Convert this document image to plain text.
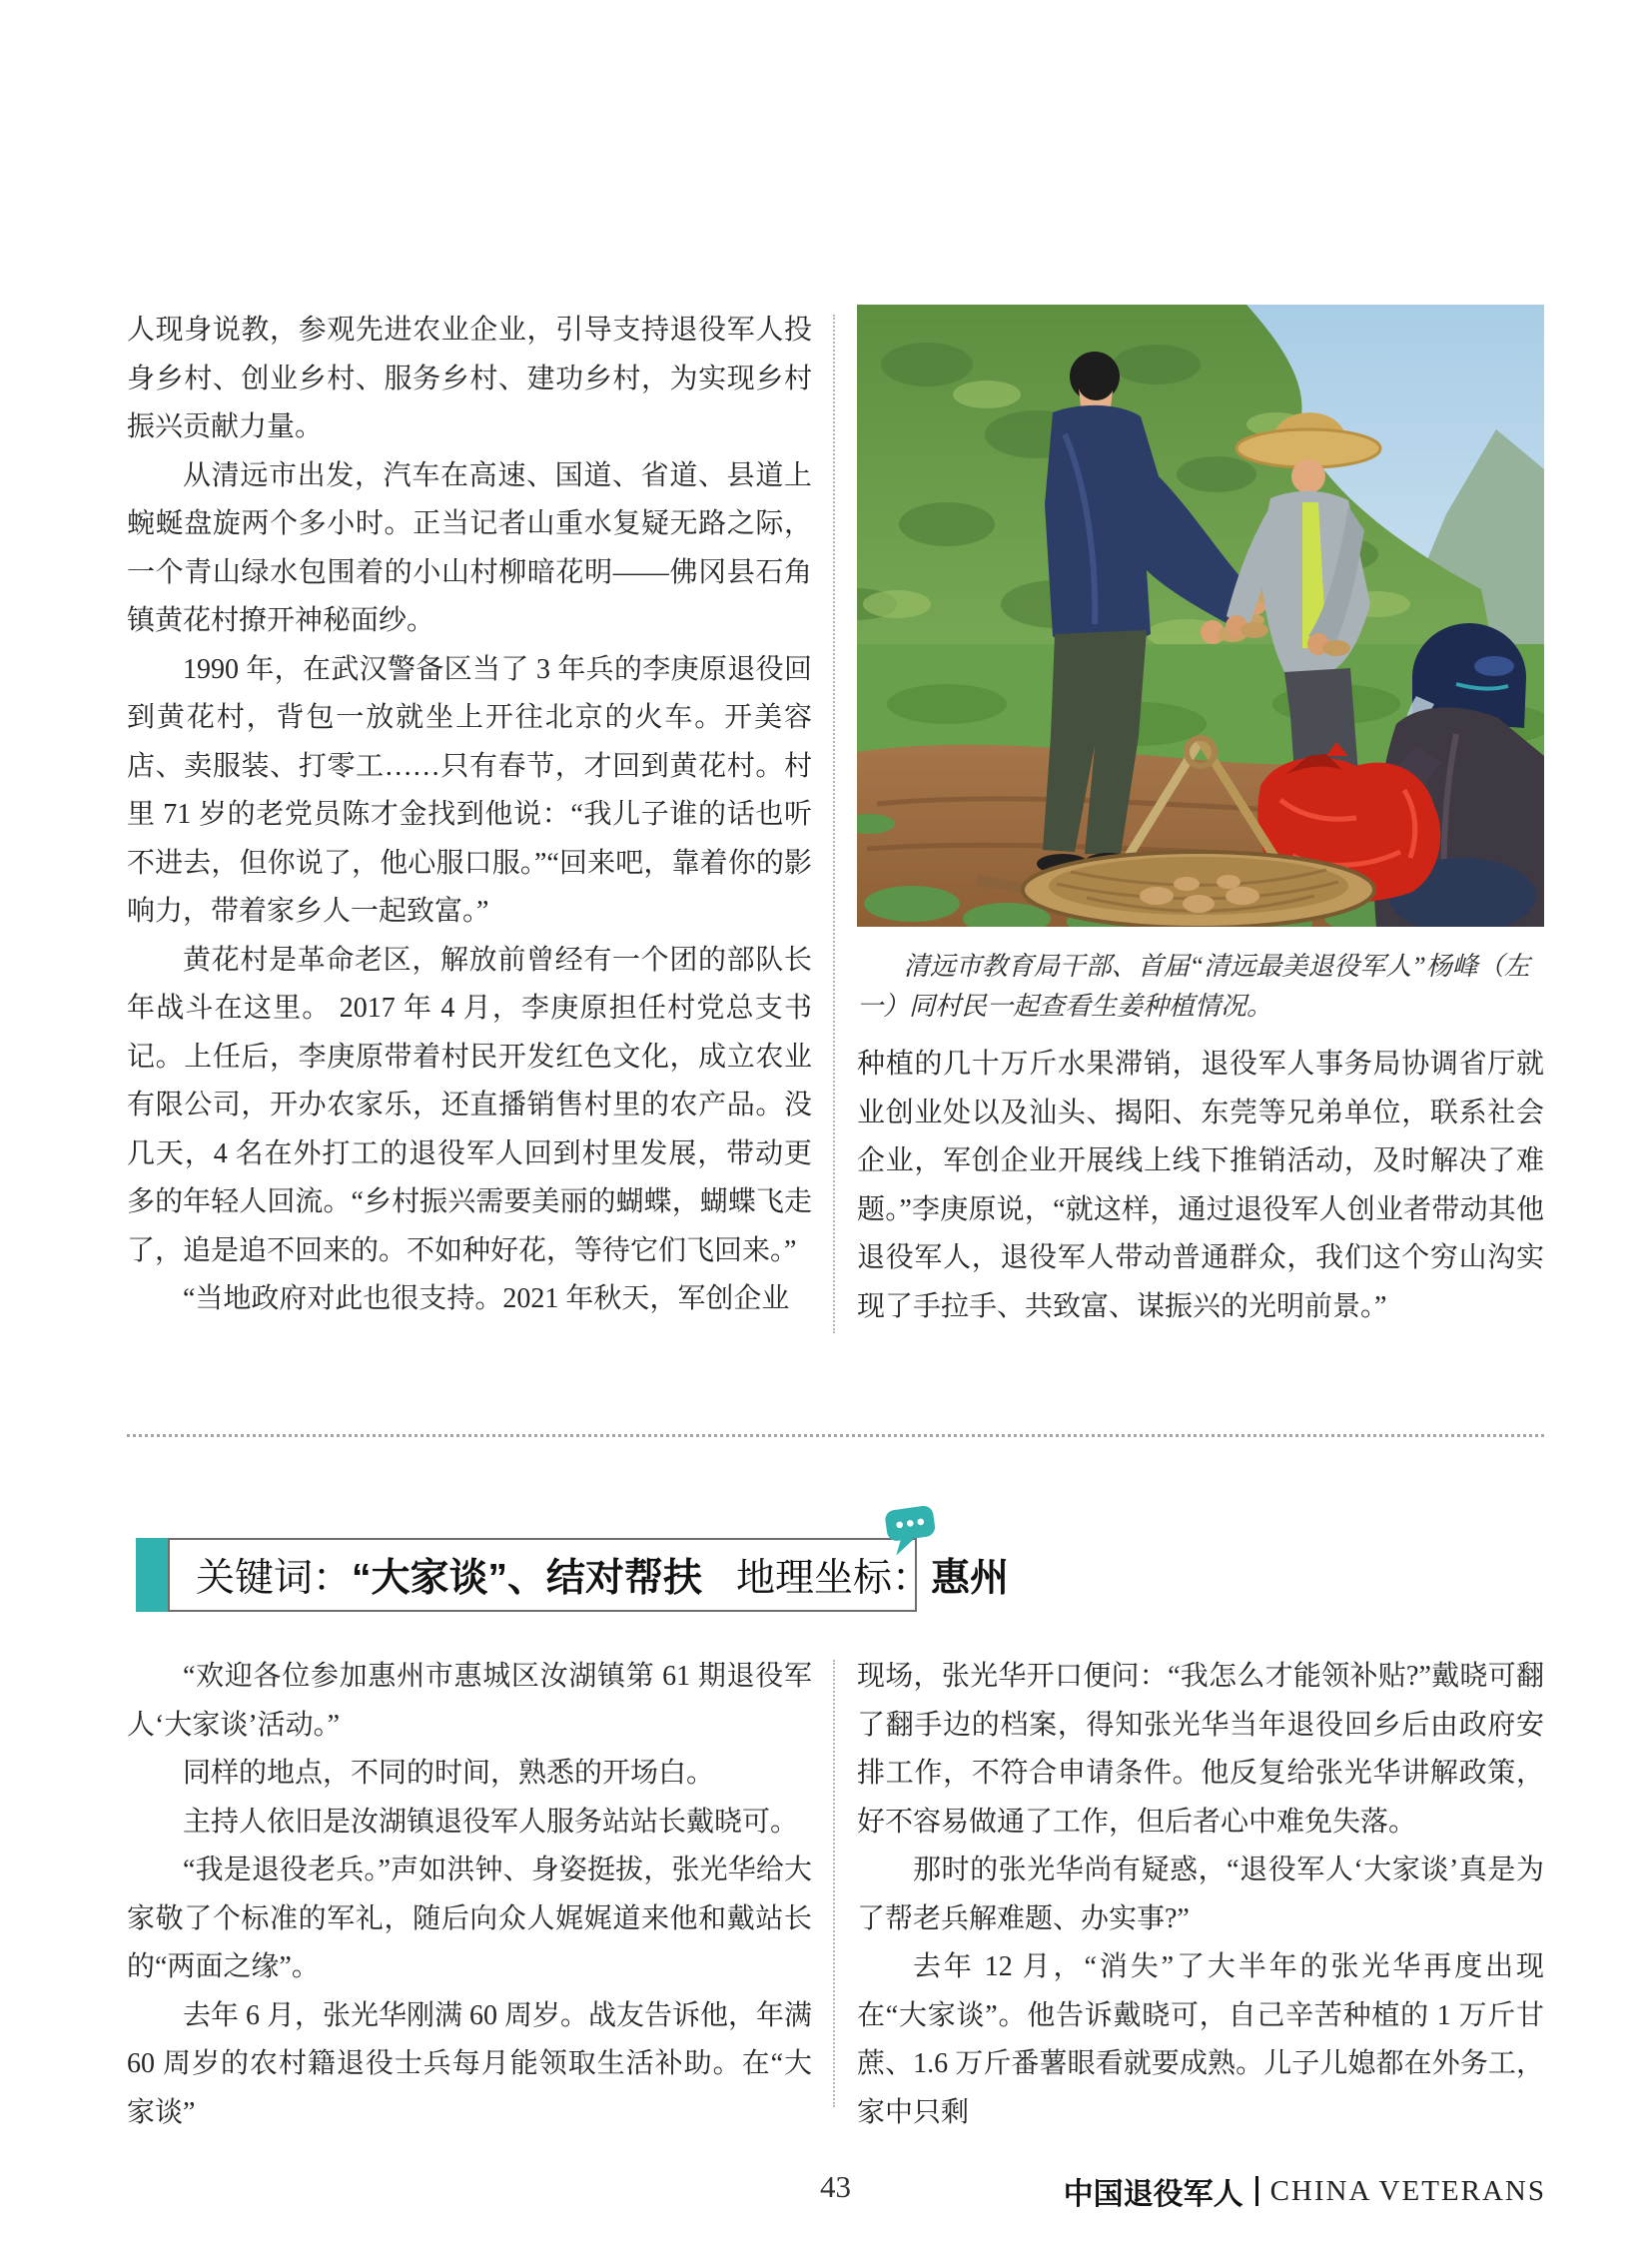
人现身说教，参观先进农业企业，引导支持退役军人投身乡村、创业乡村、服务乡村、建功乡村，为实现乡村振兴贡献力量。

从清远市出发，汽车在高速、国道、省道、县道上蜿蜒盘旋两个多小时。正当记者山重水复疑无路之际，一个青山绿水包围着的小山村柳暗花明——佛冈县石角镇黄花村撩开神秘面纱。

1990 年，在武汉警备区当了 3 年兵的李庚原退役回到黄花村，背包一放就坐上开往北京的火车。开美容店、卖服装、打零工……只有春节，才回到黄花村。村里 71 岁的老党员陈才金找到他说：“我儿子谁的话也听不进去，但你说了，他心服口服。”“回来吧，靠着你的影响力，带着家乡人一起致富。”

黄花村是革命老区，解放前曾经有一个团的部队长年战斗在这里。 2017 年 4 月，李庚原担任村党总支书记。上任后，李庚原带着村民开发红色文化，成立农业有限公司，开办农家乐，还直播销售村里的农产品。没几天，4 名在外打工的退役军人回到村里发展，带动更多的年轻人回流。“乡村振兴需要美丽的蝴蝶，蝴蝶飞走了，追是追不回来的。不如种好花，等待它们飞回来。”

“当地政府对此也很支持。2021 年秋天，军创企业

清远市教育局干部、首届“清远最美退役军人”杨峰（左一）同村民一起查看生姜种植情况。

种植的几十万斤水果滞销，退役军人事务局协调省厅就业创业处以及汕头、揭阳、东莞等兄弟单位，联系社会企业，军创企业开展线上线下推销活动，及时解决了难题。”李庚原说，“就这样，通过退役军人创业者带动其他退役军人，退役军人带动普通群众，我们这个穷山沟实现了手拉手、共致富、谋振兴的光明前景。”

关键词： “大家谈”、结对帮扶 地理坐标： 惠州

“欢迎各位参加惠州市惠城区汝湖镇第 61 期退役军人‘大家谈’活动。”

同样的地点，不同的时间，熟悉的开场白。

主持人依旧是汝湖镇退役军人服务站站长戴晓可。

“我是退役老兵。”声如洪钟、身姿挺拔，张光华给大家敬了个标准的军礼，随后向众人娓娓道来他和戴站长的“两面之缘”。

去年 6 月，张光华刚满 60 周岁。战友告诉他，年满 60 周岁的农村籍退役士兵每月能领取生活补助。在“大家谈”

现场，张光华开口便问：“我怎么才能领补贴?”戴晓可翻了翻手边的档案，得知张光华当年退役回乡后由政府安排工作，不符合申请条件。他反复给张光华讲解政策，好不容易做通了工作，但后者心中难免失落。

那时的张光华尚有疑惑，“退役军人‘大家谈’真是为了帮老兵解难题、办实事?”

去年 12 月，“消失”了大半年的张光华再度出现在“大家谈”。他告诉戴晓可，自己辛苦种植的 1 万斤甘蔗、1.6 万斤番薯眼看就要成熟。儿子儿媳都在外务工，家中只剩

43	中国退役军人 CHINA VETERANS
